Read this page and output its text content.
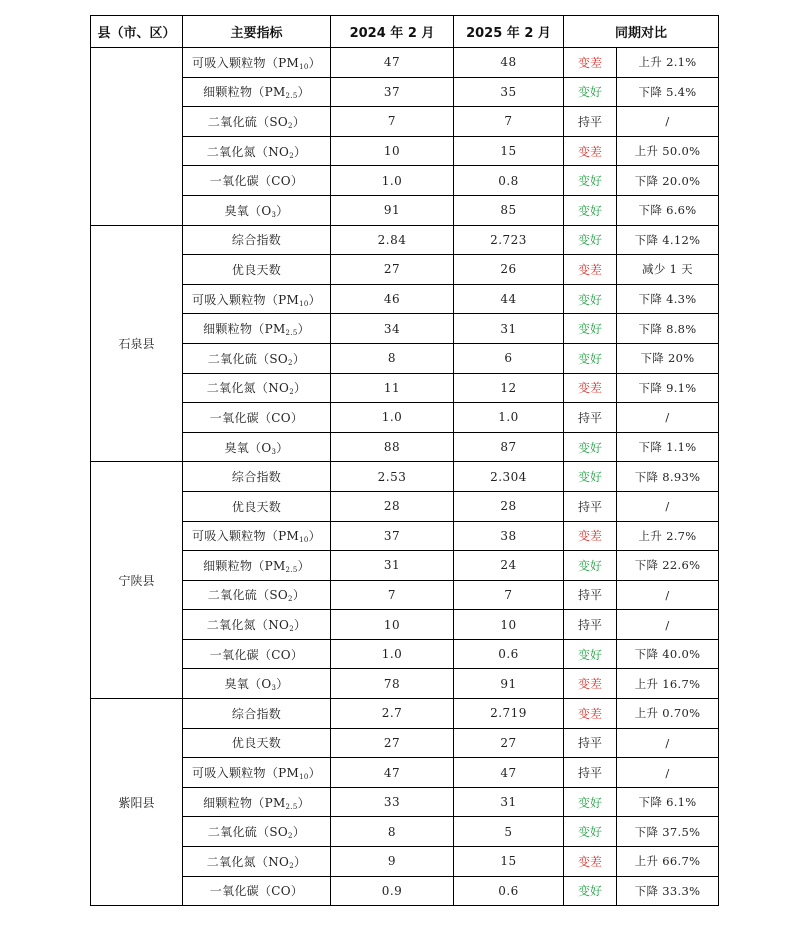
县（市、区）	主要指标	2024 年 2 月	2025 年 2 月	同期对比	
	可吸入颗粒物$(PM_{10})$	47	48	变差	上升 2.1%
	细颗粒物$(PM_{2.5})$	37	35	变好	下降 5.4%
	二氧化硫$(SO_2)$	7	7	持平	/
	二氧化氮$(NO_2)$	10	15	变差	上升 50.0%
	一氧化碳（CO）	1.0	0.8	变好	下降 20.0%
	臭氧$(O_3)$	91	85	变好	下降 6.6%
石泉县	综合指数	2.84	2.723	变好	下降 4.12%
	优良天数	27	26	变差	减少 1 天
	可吸入颗粒物$(PM_{10})$	46	44	变好	下降 4.3%
	细颗粒物$(PM_{2.5})$	34	31	变好	下降 8.8%
	二氧化硫$(SO_2)$	8	6	变好	下降 20%
	二氧化氮$(NO_2)$	11	12	变差	下降 9.1%
	一氧化碳（CO）	1.0	1.0	持平	/
	臭氧$(O_3)$	88	87	变好	下降 1.1%
宁陕县	综合指数	2.53	2.304	变好	下降 8.93%
	优良天数	28	28	持平	/
	可吸入颗粒物$(PM_{10})$	37	38	变差	上升 2.7%
	细颗粒物$(PM_{2.5})$	31	24	变好	下降 22.6%
	二氧化硫$(SO_2)$	7	7	持平	/
	二氧化氮$(NO_2)$	10	10	持平	/
	一氧化碳（CO）	1.0	0.6	变好	下降 40.0%
	臭氧$(O_3)$	78	91	变差	上升 16.7%
紫阳县	综合指数	2.7	2.719	变差	上升 0.70%
	优良天数	27	27	持平	/
	可吸入颗粒物$(PM_{10})$	47	47	持平	/
	细颗粒物$(PM_{2.5})$	33	31	变好	下降 6.1%
	二氧化硫$(SO_2)$	8	5	变好	下降 37.5%
	二氧化氮$(NO_2)$	9	15	变差	上升 66.7%
	一氧化碳（CO）	0.9	0.6	变好	下降 33.3%
